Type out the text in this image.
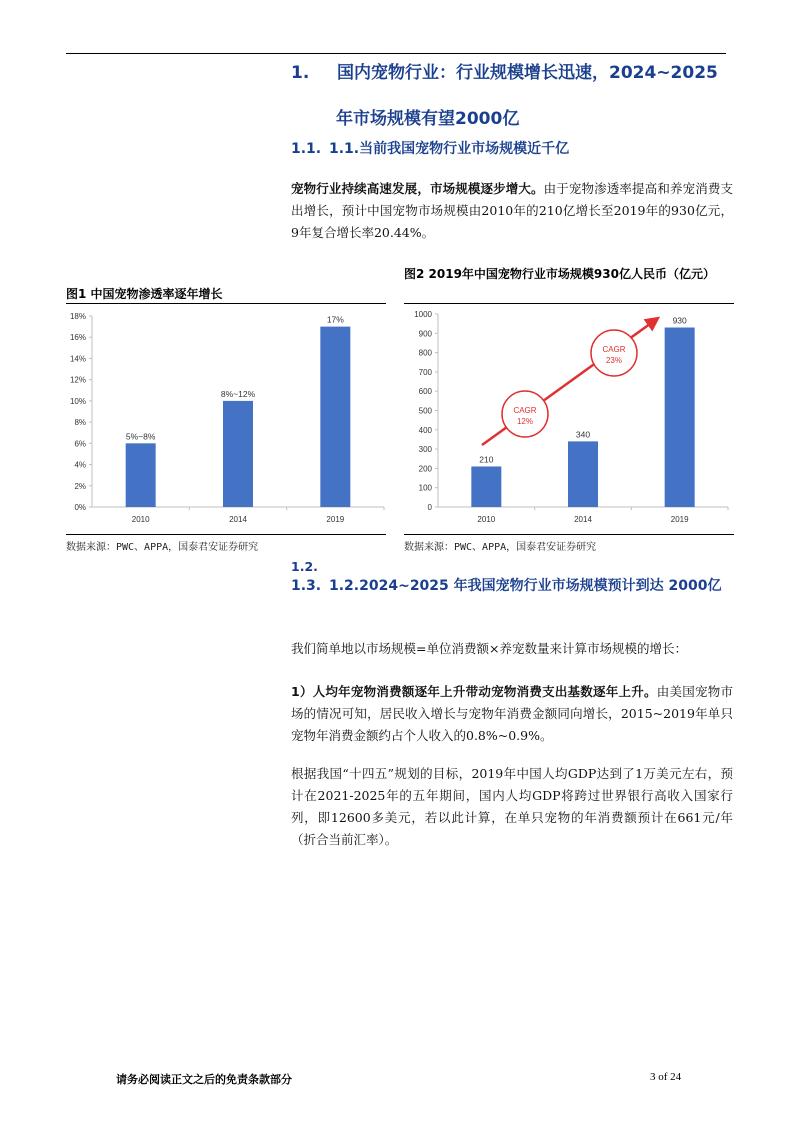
1. 国内宠物行业：行业规模增长迅速，2024~2025
年市场规模有望2000亿
1.1. 1.1.当前我国宠物行业市场规模近千亿
宠物行业持续高速发展，市场规模逐步增大。由于宠物渗透率提高和养宠消费支出增长，预计中国宠物市场规模由2010年的210亿增长至2019年的930亿元，9年复合增长率20.44%。
图1 中国宠物渗透率逐年增长
0%
2%
4%
6%
8%
10%
12%
14%
16%
18%
5%~8%
2010
8%~12%
2014
17%
2019
数据来源：PWC、APPA，国泰君安证券研究
图2 2019年中国宠物行业市场规模930亿人民币（亿元）
0
100
200
300
400
500
600
700
800
900
1000
210
2010
340
2014
930
2019
CAGR
12%
CAGR
23%
数据来源：PWC、APPA，国泰君安证券研究
1.2.
1.3. 1.2.2024~2025 年我国宠物行业市场规模预计到达 2000亿
我们简单地以市场规模=单位消费额×养宠数量来计算市场规模的增长：
1）人均年宠物消费额逐年上升带动宠物消费支出基数逐年上升。由美国宠物市场的情况可知，居民收入增长与宠物年消费金额同向增长，2015~2019年单只宠物年消费金额约占个人收入的0.8%~0.9%。
根据我国“十四五”规划的目标，2019年中国人均GDP达到了1万美元左右，预计在2021-2025年的五年期间，国内人均GDP将跨过世界银行高收入国家行列，即12600多美元，若以此计算，在单只宠物的年消费额预计在661元/年（折合当前汇率）。
请务必阅读正文之后的免责条款部分	3 of 24
